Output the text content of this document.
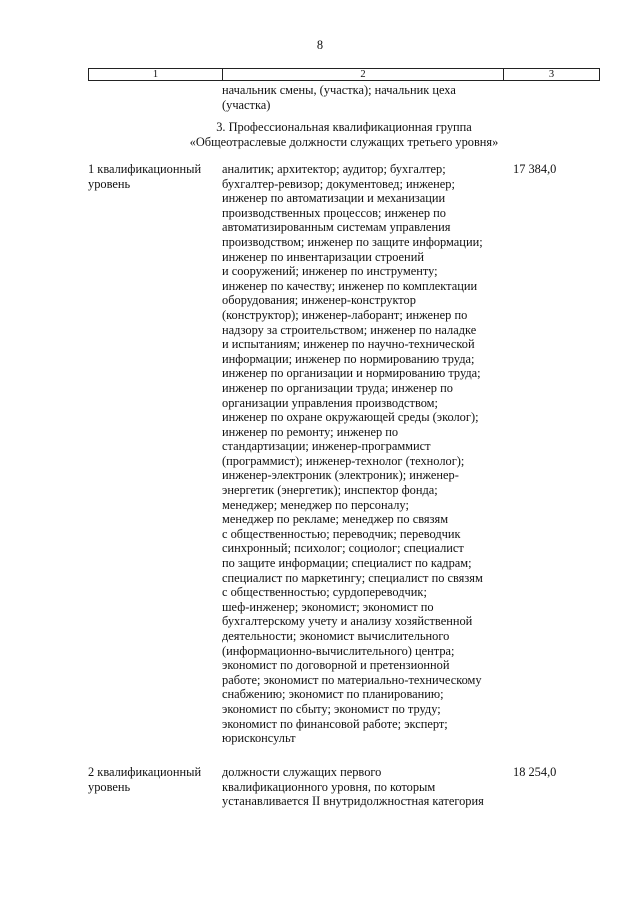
8
1	2	3
начальник смены, (участка); начальник цеха
(участка)
3. Профессиональная квалификационная группа
«Общеотраслевые должности служащих третьего уровня»
1 квалификационный
уровень
аналитик; архитектор; аудитор; бухгалтер;
бухгалтер-ревизор; документовед; инженер;
инженер по автоматизации и механизации
производственных процессов; инженер по
автоматизированным системам управления
производством; инженер по защите информации;
инженер по инвентаризации строений
и сооружений; инженер по инструменту;
инженер по качеству; инженер по комплектации
оборудования; инженер-конструктор
(конструктор); инженер-лаборант; инженер по
надзору за строительством; инженер по наладке
и испытаниям; инженер по научно-технической
информации; инженер по нормированию труда;
инженер по организации и нормированию труда;
инженер по организации труда; инженер по
организации управления производством;
инженер по охране окружающей среды (эколог);
инженер по ремонту; инженер по
стандартизации; инженер-программист
(программист); инженер-технолог (технолог);
инженер-электроник (электроник); инженер-
энергетик (энергетик); инспектор фонда;
менеджер; менеджер по персоналу;
менеджер по рекламе; менеджер по связям
с общественностью; переводчик; переводчик
синхронный; психолог; социолог; специалист
по защите информации; специалист по кадрам;
специалист по маркетингу; специалист по связям
с общественностью; сурдопереводчик;
шеф-инженер; экономист; экономист по
бухгалтерскому учету и анализу хозяйственной
деятельности; экономист вычислительного
(информационно-вычислительного) центра;
экономист по договорной и претензионной
работе; экономист по материально-техническому
снабжению; экономист по планированию;
экономист по сбыту; экономист по труду;
экономист по финансовой работе; эксперт;
юрисконсульт
17 384,0
2 квалификационный
уровень
должности служащих первого
квалификационного уровня, по которым
устанавливается II внутридолжностная категория
18 254,0
